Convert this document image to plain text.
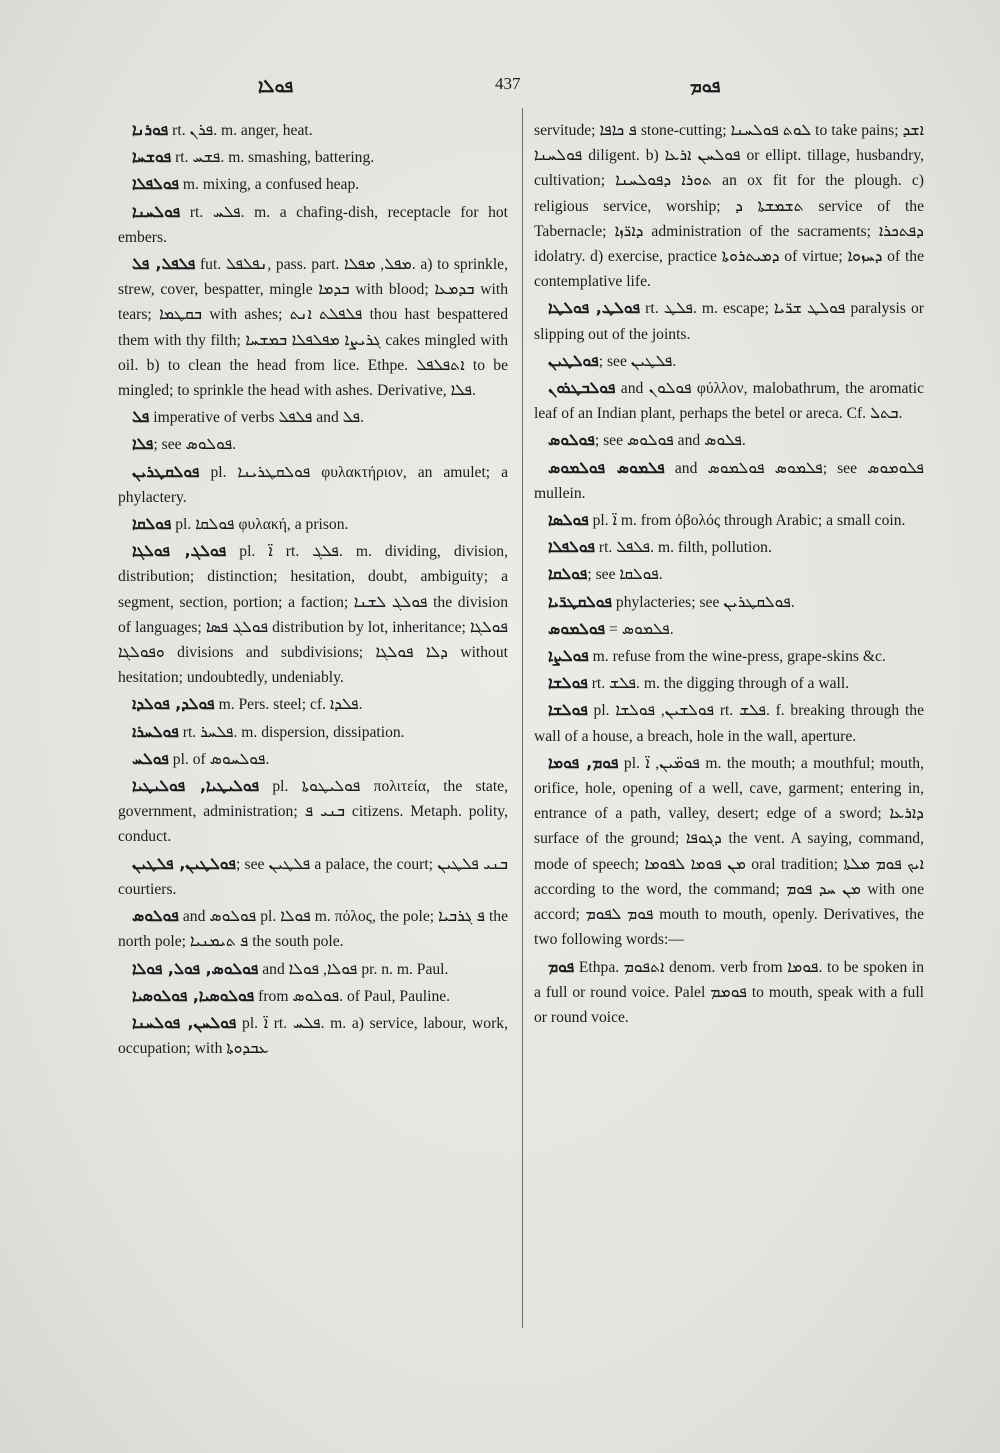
ܦܘܠܐ	437	ܦܘܡ

ܦܘܪܢܐ rt. ܦܪܢ. m. anger, heat.

ܦܘܫܚܐ rt. ܦܫܚ. m. smashing, battering.

ܦܘܠܦܠܐ m. mixing, a confused heap.

ܦܘܠܚܢܐ rt. ܦܠܚ. m. a chafing-dish, receptacle for hot embers.

ܦܠܦܠ, ܦܠ fut. ܢܦܠܦܠ, pass. part. ܡܦܠ, ܡܦܠܐ. a) to sprinkle, strew, cover, bespatter, mingle ܒܕܡܐ with blood; ܒܕܡܥܐ with tears; ܒܩܛܡܐ with ashes; ܦܠܦܠܬ ܐܢܬ thou hast bespattered them with thy filth; ܓܪܝܨܐ ܡܦܠܦܠܐ ܒܡܫܚܐ cakes mingled with oil. b) to clean the head from lice. Ethpe. ܐܬܦܠܦܠ to be mingled; to sprinkle the head with ashes. Derivative, ܦܠܐ.

ܦܠ imperative of verbs ܦܠܦܠ and ܦܠ.

ܦܠܐ; see ܦܘܠܘܣ.

ܦܘܠܩܛܪܝܢ pl. ܦܘܠܩܛܪܝܢܐ φυλακτήριον, an amulet; a phylactery.

ܦܘܠܩܐ pl. ܦܘܠܩܐ φυλακή, a prison.

ܦܘܠܓ, ܦܘܠܓܐ pl. ܐ̈ rt. ܦܠܓ. m. dividing, division, distribution; distinction; hesitation, doubt, ambiguity; a segment, section, portion; a faction; ܦܘܠܓ ܠܫܢܐ the division of languages; ܦܘܠܓ ܦܣܐ distribution by lot, inheritance; ܦܘܠܓܐ ܘܦܘܠܓܐ divisions and subdivisions; ܕܠܐ ܦܘܠܓܐ without hesitation; undoubtedly, undeniably.

ܦܘܠܕ, ܦܘܠܕܐ m. Pers. steel; cf. ܦܠܕܐ.

ܦܘܠܚܪܐ rt. ܦܠܚܪ. m. dispersion, dissipation.

ܦܘܠܚ pl. of ܦܘܠܚܘܣ.

ܦܘܠܝܛܝܐ, ܦܘܠܝܛܝܐ pl. ܦܘܠܝܛܘܬܐ πολιτεία, the state, government, administration; ܒܢܝ ܦ citizens. Metaph. polity, conduct.

ܦܘܠܛܝܢ, ܦܠܛܝܢ; see ܦܠܛܝܢ a palace, the court; ܒܢܝ ܦܠܛܝܢ courtiers.

ܦܘܠܘܣ and ܦܘܠܘܣ pl. ܦܘܠܐ m. πόλος, the pole; ܦ ܓܪܒܝܐ the north pole; ܦ ܬܝܡܢܝܐ the south pole.

ܦܘܠܘܣ, ܦܘܠ, ܦܘܠܐ and ܦܘܠܐ, ܦܘܠܐ pr. n. m. Paul.

ܦܘܠܘܣܝܐ, ܦܘܠܘܣܝܐ from ܦܘܠܘܣ. of Paul, Pauline.

ܦܘܠܚܢ, ܦܘܠܚܢܐ pl. ܐ̈ rt. ܦܠܚ. m. a) service, labour, work, occupation; with ܥܒܕܘܬܐ

servitude; ܦ ܟܐܦܐ stone-cutting; ܠܘܬ ܦܘܠܚܢܐ to take pains; ܐܫܕ ܦܘܠܚܢܐ diligent. b) ܦܘܠܚܢ ܐܪܥܐ or ellipt. tillage, husbandry, cultivation; ܬܘܪܐ ܕܦܘܠܚܢܐ an ox fit for the plough. c) religious service, worship; ܬܫܡܫܬܐ ܕ service of the Tabernacle; ܕܐܪ̈ܙܐ administration of the sacraments; ܕܦܬܟܪܐ idolatry. d) exercise, practice ܕܡܝܬܪܘܬܐ of virtue; ܕܚܙܘܐ of the contemplative life.

ܦܘܠܛ, ܦܘܠܛܐ rt. ܦܠܛ. m. escape; ܦܘܠܛ ܫܪ̈ܝܐ paralysis or slipping out of the joints.

ܦܘܠܛܝܢ; see ܦܠܛܝܢ.

ܦܘܠܒܛܪܘܢ and ܦܘܠܘܢ φύλλον, malobathrum, the aromatic leaf of an Indian plant, perhaps the betel or areca. Cf. ܒܬܠ.

ܦܘܠܘܣ; see ܦܘܠܘܣ and ܦܠܘܣ.

ܦܠܡܘܣ ܦܘܠܡܘܣ and ܦܠܡܘܣ ܦܘܠܡܘܣ; see ܦܠܘܡܘܣ mullein.

ܦܘܠܣܐ pl. ܐ̈ m. from ὀβολός through Arabic; a small coin.

ܦܘܠܦܠܐ rt. ܦܠܦܠ. m. filth, pollution.

ܦܘܠܩܐ; see ܦܘܠܩܐ.

ܦܘܠܩܛܪ̈ܝܐ phylacteries; see ܦܘܠܩܛܪܝܢ.

ܦܘܠܡܘܣ = ܦܠܡܘܣ.

ܦܘܠܨܐ m. refuse from the wine-press, grape-skins &c.

ܦܘܠܫܐ rt. ܦܠܫ. m. the digging through of a wall.

ܦܘܠܫܐ pl. ܦܘܠܫܝܢ, ܦܘܠܫܐ rt. ܦܠܫ. f. breaking through the wall of a house, a breach, hole in the wall, aperture.

ܦܘܡ, ܦܘܡܐ pl. ܦܘܡ̈ܝܢ, ܐ̈ m. the mouth; a mouthful; mouth, orifice, hole, opening of a well, cave, garment; entering in, entrance of a path, valley, desert; edge of a sword; ܕܐܪܥܐ surface of the ground; ܕܓܘܦܐ the vent. A saying, command, mode of speech; ܡܢ ܦܘܡܐ ܠܦܘܡܐ oral tradition; ܐܝܟ ܦܘܡ ܡܠܬܐ according to the word, the command; ܡܢ ܚܕ ܦܘܡ with one accord; ܦܘܡ ܠܦܘܡ mouth to mouth, openly. Derivatives, the two following words:—

ܦܘܡ Ethpa. ܐܬܦܘܡ denom. verb from ܦܘܡܐ. to be spoken in a full or round voice. Palel ܦܘܡܡ to mouth, speak with a full or round voice.
